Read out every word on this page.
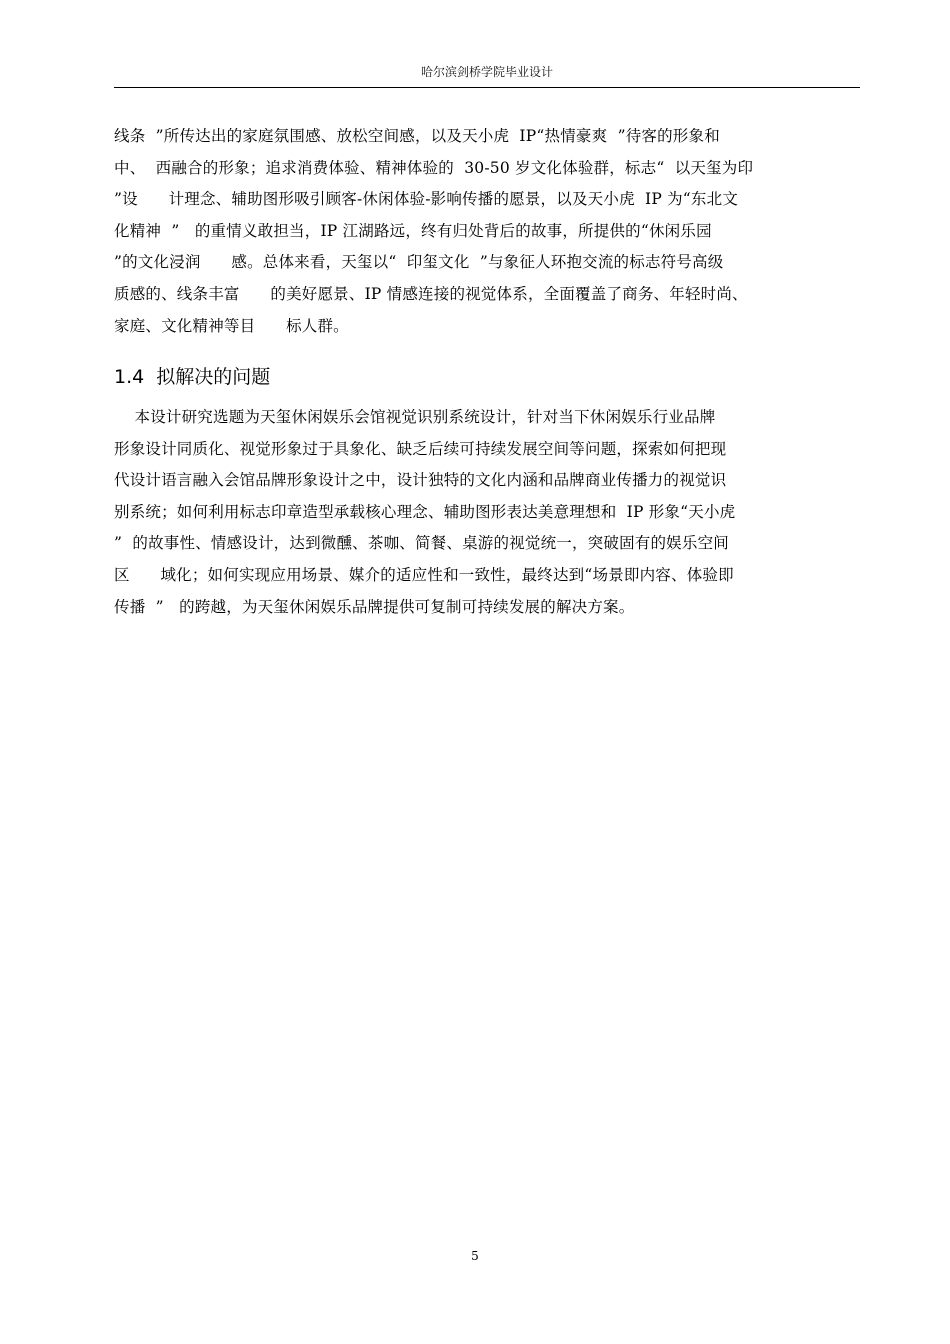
哈尔滨剑桥学院毕业设计
线条  ”所传达出的家庭氛围感、放松空间感，以及天小虎  IP“热情豪爽  ”待客的形象和
中、  西融合的形象；追求消费体验、精神体验的  30-50 岁文化体验群，标志“  以天玺为印
”设      计理念、辅助图形吸引顾客-休闲体验-影响传播的愿景，以及天小虎  IP 为“东北文
化精神  ”   的重情义敢担当，IP 江湖路远，终有归处背后的故事，所提供的“休闲乐园
”的文化浸润      感。总体来看，天玺以“  印玺文化  ”与象征人环抱交流的标志符号高级
质感的、线条丰富      的美好愿景、IP 情感连接的视觉体系，全面覆盖了商务、年轻时尚、
家庭、文化精神等目      标人群。
1.4  拟解决的问题
本设计研究选题为天玺休闲娱乐会馆视觉识别系统设计，针对当下休闲娱乐行业品牌
形象设计同质化、视觉形象过于具象化、缺乏后续可持续发展空间等问题，探索如何把现
代设计语言融入会馆品牌形象设计之中，设计独特的文化内涵和品牌商业传播力的视觉识
别系统；如何利用标志印章造型承载核心理念、辅助图形表达美意理想和  IP 形象“天小虎
”  的故事性、情感设计，达到微醺、茶咖、简餐、桌游的视觉统一，突破固有的娱乐空间
区      域化；如何实现应用场景、媒介的适应性和一致性，最终达到“场景即内容、体验即
传播  ”   的跨越，为天玺休闲娱乐品牌提供可复制可持续发展的解决方案。
5
